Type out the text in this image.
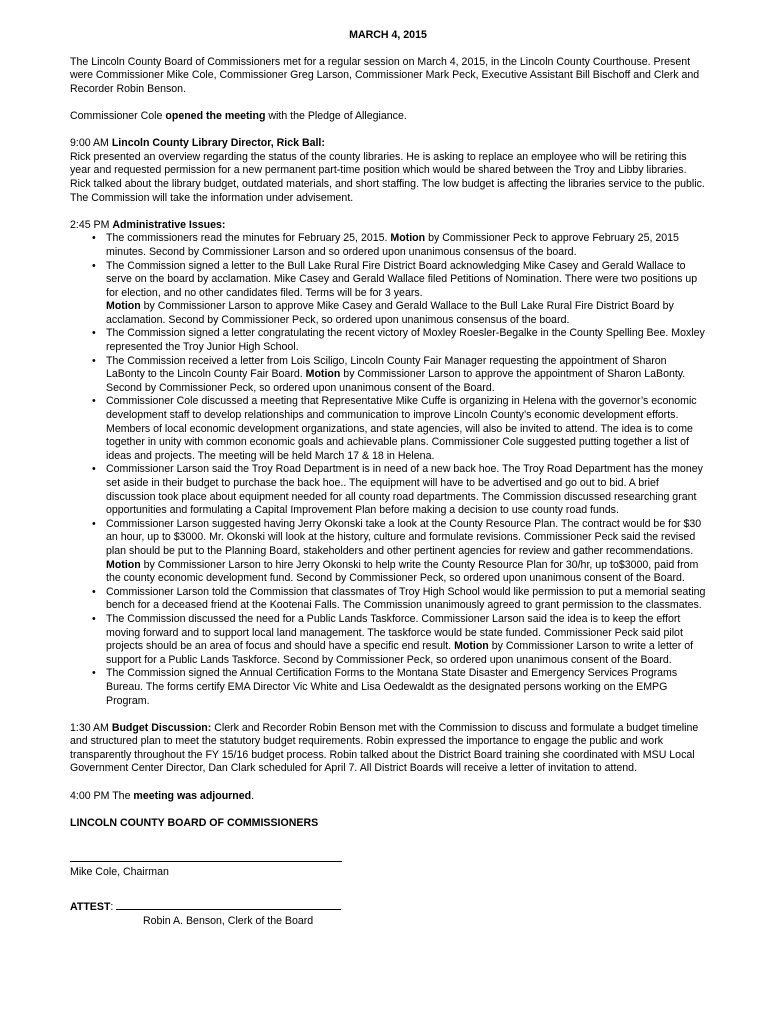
MARCH 4, 2015

The Lincoln County Board of Commissioners met for a regular session on March 4, 2015, in the Lincoln County Courthouse. Present were Commissioner Mike Cole, Commissioner Greg Larson, Commissioner Mark Peck, Executive Assistant Bill Bischoff and Clerk and Recorder Robin Benson.

Commissioner Cole opened the meeting with the Pledge of Allegiance.

9:00 AM Lincoln County Library Director, Rick Ball:

Rick presented an overview regarding the status of the county libraries. He is asking to replace an employee who will be retiring this year and requested permission for a new permanent part-time position which would be shared between the Troy and Libby libraries. Rick talked about the library budget, outdated materials, and short staffing. The low budget is affecting the libraries service to the public. The Commission will take the information under advisement.

2:45 PM Administrative Issues:
• The commissioners read the minutes for February 25, 2015. Motion by Commissioner Peck to approve February 25, 2015 minutes. Second by Commissioner Larson and so ordered upon unanimous consensus of the board.
• The Commission signed a letter to the Bull Lake Rural Fire District Board acknowledging Mike Casey and Gerald Wallace to serve on the board by acclamation. Mike Casey and Gerald Wallace filed Petitions of Nomination. There were two positions up for election, and no other candidates filed. Terms will be for 3 years.
Motion by Commissioner Larson to approve Mike Casey and Gerald Wallace to the Bull Lake Rural Fire District Board by acclamation. Second by Commissioner Peck, so ordered upon unanimous consensus of the board.
• The Commission signed a letter congratulating the recent victory of Moxley Roesler-Begalke in the County Spelling Bee. Moxley represented the Troy Junior High School.
• The Commission received a letter from Lois Sciligo, Lincoln County Fair Manager requesting the appointment of Sharon LaBonty to the Lincoln County Fair Board. Motion by Commissioner Larson to approve the appointment of Sharon LaBonty. Second by Commissioner Peck, so ordered upon unanimous consent of the Board.
• Commissioner Cole discussed a meeting that Representative Mike Cuffe is organizing in Helena with the governor’s economic development staff to develop relationships and communication to improve Lincoln County’s economic development efforts. Members of local economic development organizations, and state agencies, will also be invited to attend. The idea is to come together in unity with common economic goals and achievable plans. Commissioner Cole suggested putting together a list of ideas and projects. The meeting will be held March 17 & 18 in Helena.
• Commissioner Larson said the Troy Road Department is in need of a new back hoe. The Troy Road Department has the money set aside in their budget to purchase the back hoe.. The equipment will have to be advertised and go out to bid. A brief discussion took place about equipment needed for all county road departments. The Commission discussed researching grant opportunities and formulating a Capital Improvement Plan before making a decision to use county road funds.
• Commissioner Larson suggested having Jerry Okonski take a look at the County Resource Plan. The contract would be for $30 an hour, up to $3000. Mr. Okonski will look at the history, culture and formulate revisions. Commissioner Peck said the revised plan should be put to the Planning Board, stakeholders and other pertinent agencies for review and gather recommendations. Motion by Commissioner Larson to hire Jerry Okonski to help write the County Resource Plan for 30/hr, up to$3000, paid from the county economic development fund. Second by Commissioner Peck, so ordered upon unanimous consent of the Board.
• Commissioner Larson told the Commission that classmates of Troy High School would like permission to put a memorial seating bench for a deceased friend at the Kootenai Falls. The Commission unanimously agreed to grant permission to the classmates.
• The Commission discussed the need for a Public Lands Taskforce. Commissioner Larson said the idea is to keep the effort moving forward and to support local land management. The taskforce would be state funded. Commissioner Peck said pilot projects should be an area of focus and should have a specific end result. Motion by Commissioner Larson to write a letter of support for a Public Lands Taskforce. Second by Commissioner Peck, so ordered upon unanimous consent of the Board.
• The Commission signed the Annual Certification Forms to the Montana State Disaster and Emergency Services Programs Bureau. The forms certify EMA Director Vic White and Lisa Oedewaldt as the designated persons working on the EMPG Program.

1:30 AM Budget Discussion: Clerk and Recorder Robin Benson met with the Commission to discuss and formulate a budget timeline and structured plan to meet the statutory budget requirements. Robin expressed the importance to engage the public and work transparently throughout the FY 15/16 budget process. Robin talked about the District Board training she coordinated with MSU Local Government Center Director, Dan Clark scheduled for April 7. All District Boards will receive a letter of invitation to attend.

4:00 PM The meeting was adjourned.

LINCOLN COUNTY BOARD OF COMMISSIONERS

Mike Cole, Chairman
ATTEST:
Robin A. Benson, Clerk of the Board
